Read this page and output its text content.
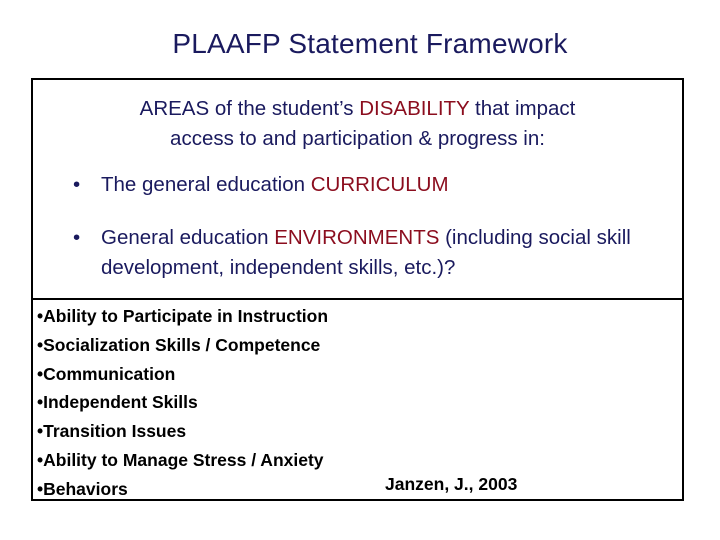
PLAAFP Statement Framework
AREAS of the student’s DISABILITY that impact
access to and participation & progress in:
• The general education CURRICULUM
• General education ENVIRONMENTS (including social skill development, independent skills, etc.)?
•Ability to Participate in Instruction
•Socialization Skills / Competence
•Communication
•Independent Skills
•Transition Issues
•Ability to Manage Stress / Anxiety
•Behaviors	Janzen, J., 2003
